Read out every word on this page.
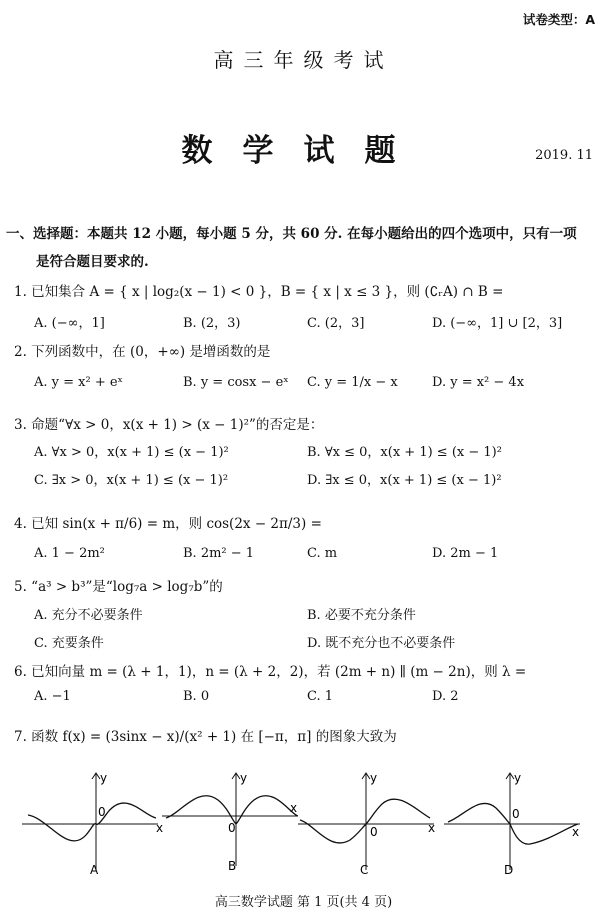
试卷类型：A
高三年级考试
数学试题	2019. 11
一、选择题：本题共 12 小题，每小题 5 分，共 60 分. 在每小题给出的四个选项中，只有一项
是符合题目要求的.
1. 已知集合 A = { x | log₂(x − 1) < 0 }，B = { x | x ≤ 3 }，则 (∁ᵣA) ∩ B =
A. (−∞，1]	B. (2，3)	C. (2，3]	D. (−∞，1] ∪ [2，3]
2. 下列函数中，在 (0，+∞) 是增函数的是
A. y = x² + eˣ	B. y = cosx − eˣ C. y = 1/x − x	D. y = x² − 4x
3. 命题“∀x > 0，x(x + 1) > (x − 1)²”的否定是：
A. ∀x > 0，x(x + 1) ≤ (x − 1)²	B. ∀x ≤ 0，x(x + 1) ≤ (x − 1)²
C. ∃x > 0，x(x + 1) ≤ (x − 1)²	D. ∃x ≤ 0，x(x + 1) ≤ (x − 1)²
4. 已知 sin(x + π/6) = m，则 cos(2x − 2π/3) =
A. 1 − 2m²	B. 2m² − 1	C. m	D. 2m − 1
5. “a³ > b³”是“log₇a > log₇b”的
A. 充分不必要条件	B. 必要不充分条件
C. 充要条件	D. 既不充分也不必要条件
6. 已知向量 m = (λ + 1，1)，n = (λ + 2，2)，若 (2m + n) ∥ (m − 2n)，则 λ =
A. −1	B. 0	C. 1	D. 2
7. 函数 f(x) = (3sinx − x)/(x² + 1) 在 [−π，π] 的图象大致为
y
0
x
A
y
0
x
B
y
0	x
C
y
0
x
D
高三数学试题 第 1 页(共 4 页)
